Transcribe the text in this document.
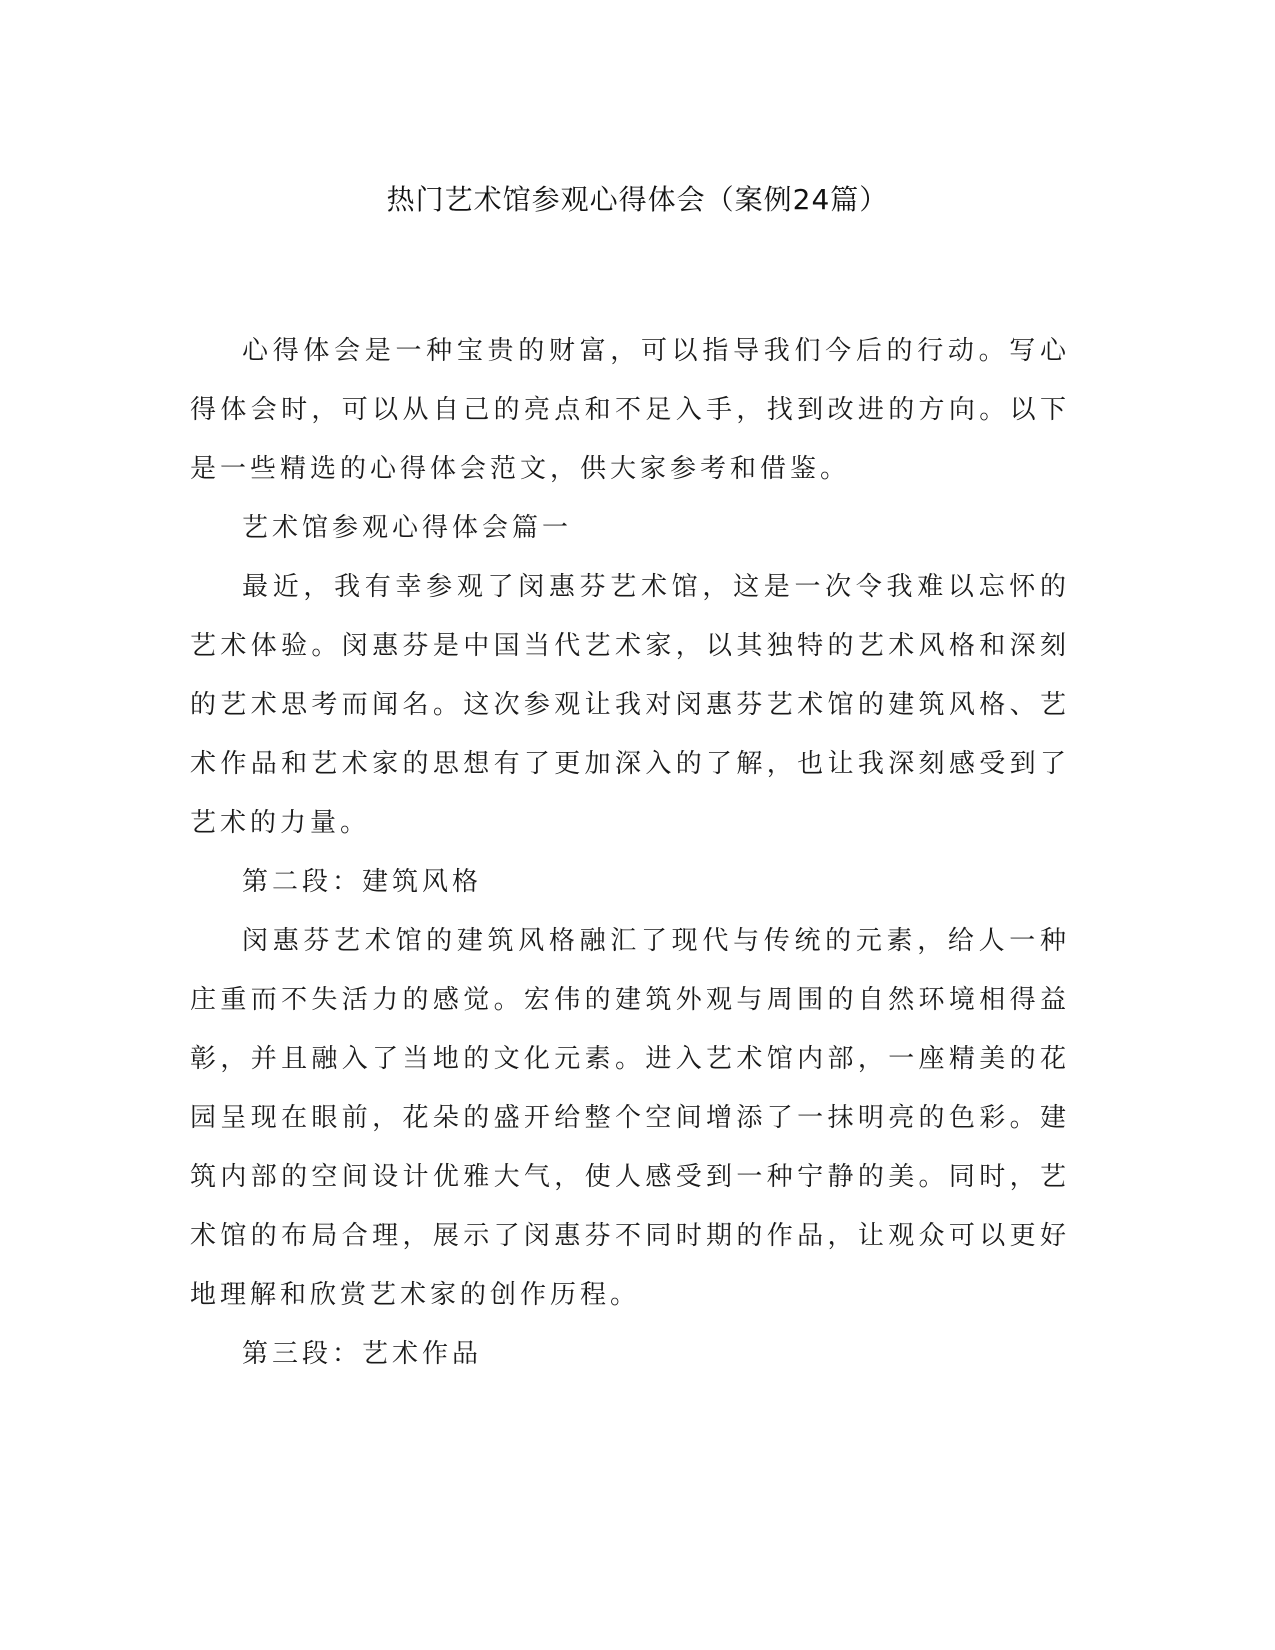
热门艺术馆参观心得体会（案例24篇）

心得体会是一种宝贵的财富，可以指导我们今后的行动。写心得体会时，可以从自己的亮点和不足入手，找到改进的方向。以下是一些精选的心得体会范文，供大家参考和借鉴。

艺术馆参观心得体会篇一

最近，我有幸参观了闵惠芬艺术馆，这是一次令我难以忘怀的艺术体验。闵惠芬是中国当代艺术家，以其独特的艺术风格和深刻的艺术思考而闻名。这次参观让我对闵惠芬艺术馆的建筑风格、艺术作品和艺术家的思想有了更加深入的了解，也让我深刻感受到了艺术的力量。

第二段：建筑风格

闵惠芬艺术馆的建筑风格融汇了现代与传统的元素，给人一种庄重而不失活力的感觉。宏伟的建筑外观与周围的自然环境相得益彰，并且融入了当地的文化元素。进入艺术馆内部，一座精美的花园呈现在眼前，花朵的盛开给整个空间增添了一抹明亮的色彩。建筑内部的空间设计优雅大气，使人感受到一种宁静的美。同时，艺术馆的布局合理，展示了闵惠芬不同时期的作品，让观众可以更好地理解和欣赏艺术家的创作历程。

第三段：艺术作品
